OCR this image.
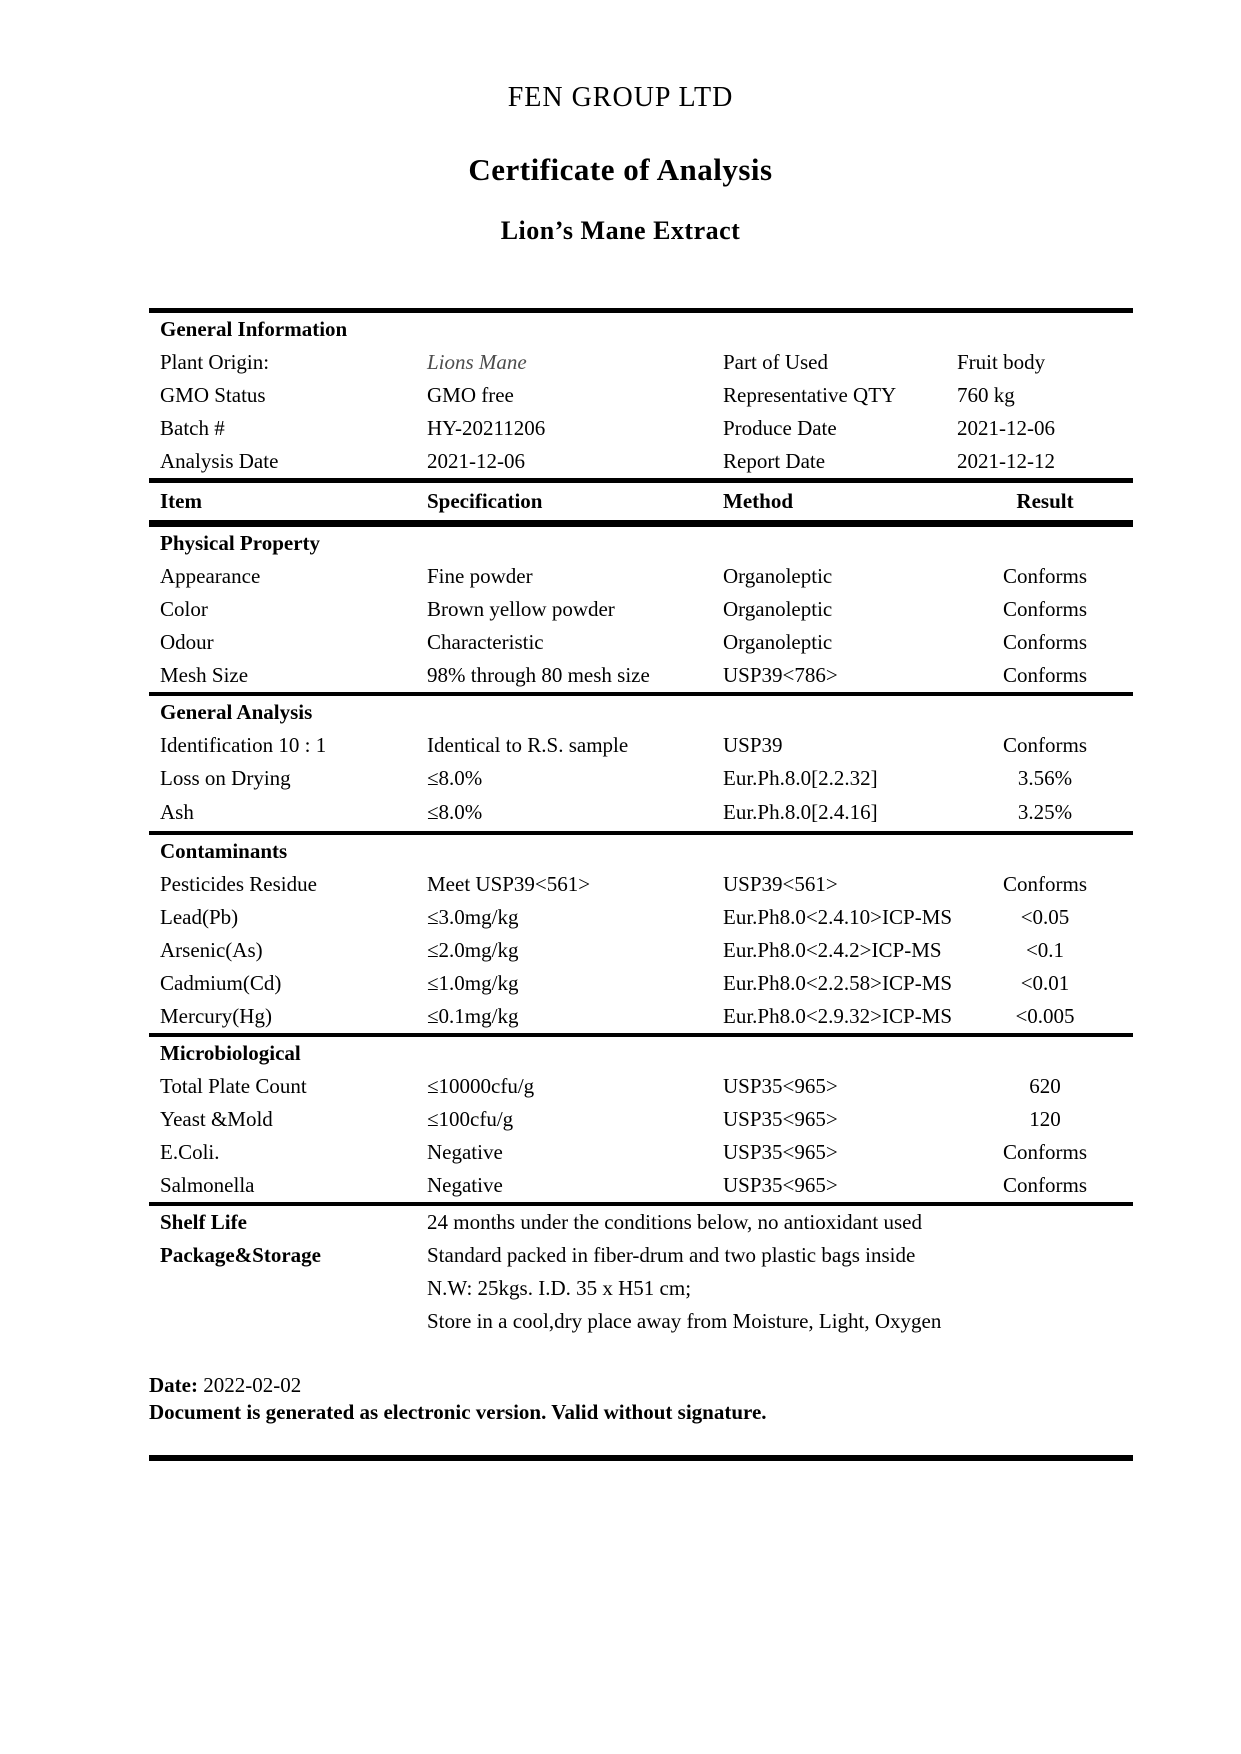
FEN GROUP LTD
Certificate of Analysis
Lion’s Mane Extract
General Information
Plant Origin:	Lions Mane	Part of Used	Fruit body
GMO Status	GMO free	Representative QTY	760 kg
Batch #	HY-20211206	Produce Date	2021-12-06
Analysis Date	2021-12-06	Report Date	2021-12-12
Item	Specification	Method	Result
Physical Property
Appearance	Fine powder	Organoleptic	Conforms
Color	Brown yellow powder	Organoleptic	Conforms
Odour	Characteristic	Organoleptic	Conforms
Mesh Size	98% through 80 mesh size	USP39<786>	Conforms
General Analysis
Identification 10 : 1	Identical to R.S. sample	USP39	Conforms
Loss on Drying	≤8.0%	Eur.Ph.8.0[2.2.32]	3.56%
Ash	≤8.0%	Eur.Ph.8.0[2.4.16]	3.25%
Contaminants
Pesticides Residue	Meet USP39<561>	USP39<561>	Conforms
Lead(Pb)	≤3.0mg/kg	Eur.Ph8.0<2.4.10>ICP-MS	<0.05
Arsenic(As)	≤2.0mg/kg	Eur.Ph8.0<2.4.2>ICP-MS	<0.1
Cadmium(Cd)	≤1.0mg/kg	Eur.Ph8.0<2.2.58>ICP-MS	<0.01
Mercury(Hg)	≤0.1mg/kg	Eur.Ph8.0<2.9.32>ICP-MS	<0.005
Microbiological
Total Plate Count	≤10000cfu/g	USP35<965>	620
Yeast &Mold	≤100cfu/g	USP35<965>	120
E.Coli.	Negative	USP35<965>	Conforms
Salmonella	Negative	USP35<965>	Conforms
Shelf Life	24 months under the conditions below, no antioxidant used
Package&Storage	Standard packed in fiber-drum and two plastic bags inside
N.W: 25kgs. I.D. 35 x H51 cm;
Store in a cool,dry place away from Moisture, Light, Oxygen
Date: 2022-02-02
Document is generated as electronic version. Valid without signature.
